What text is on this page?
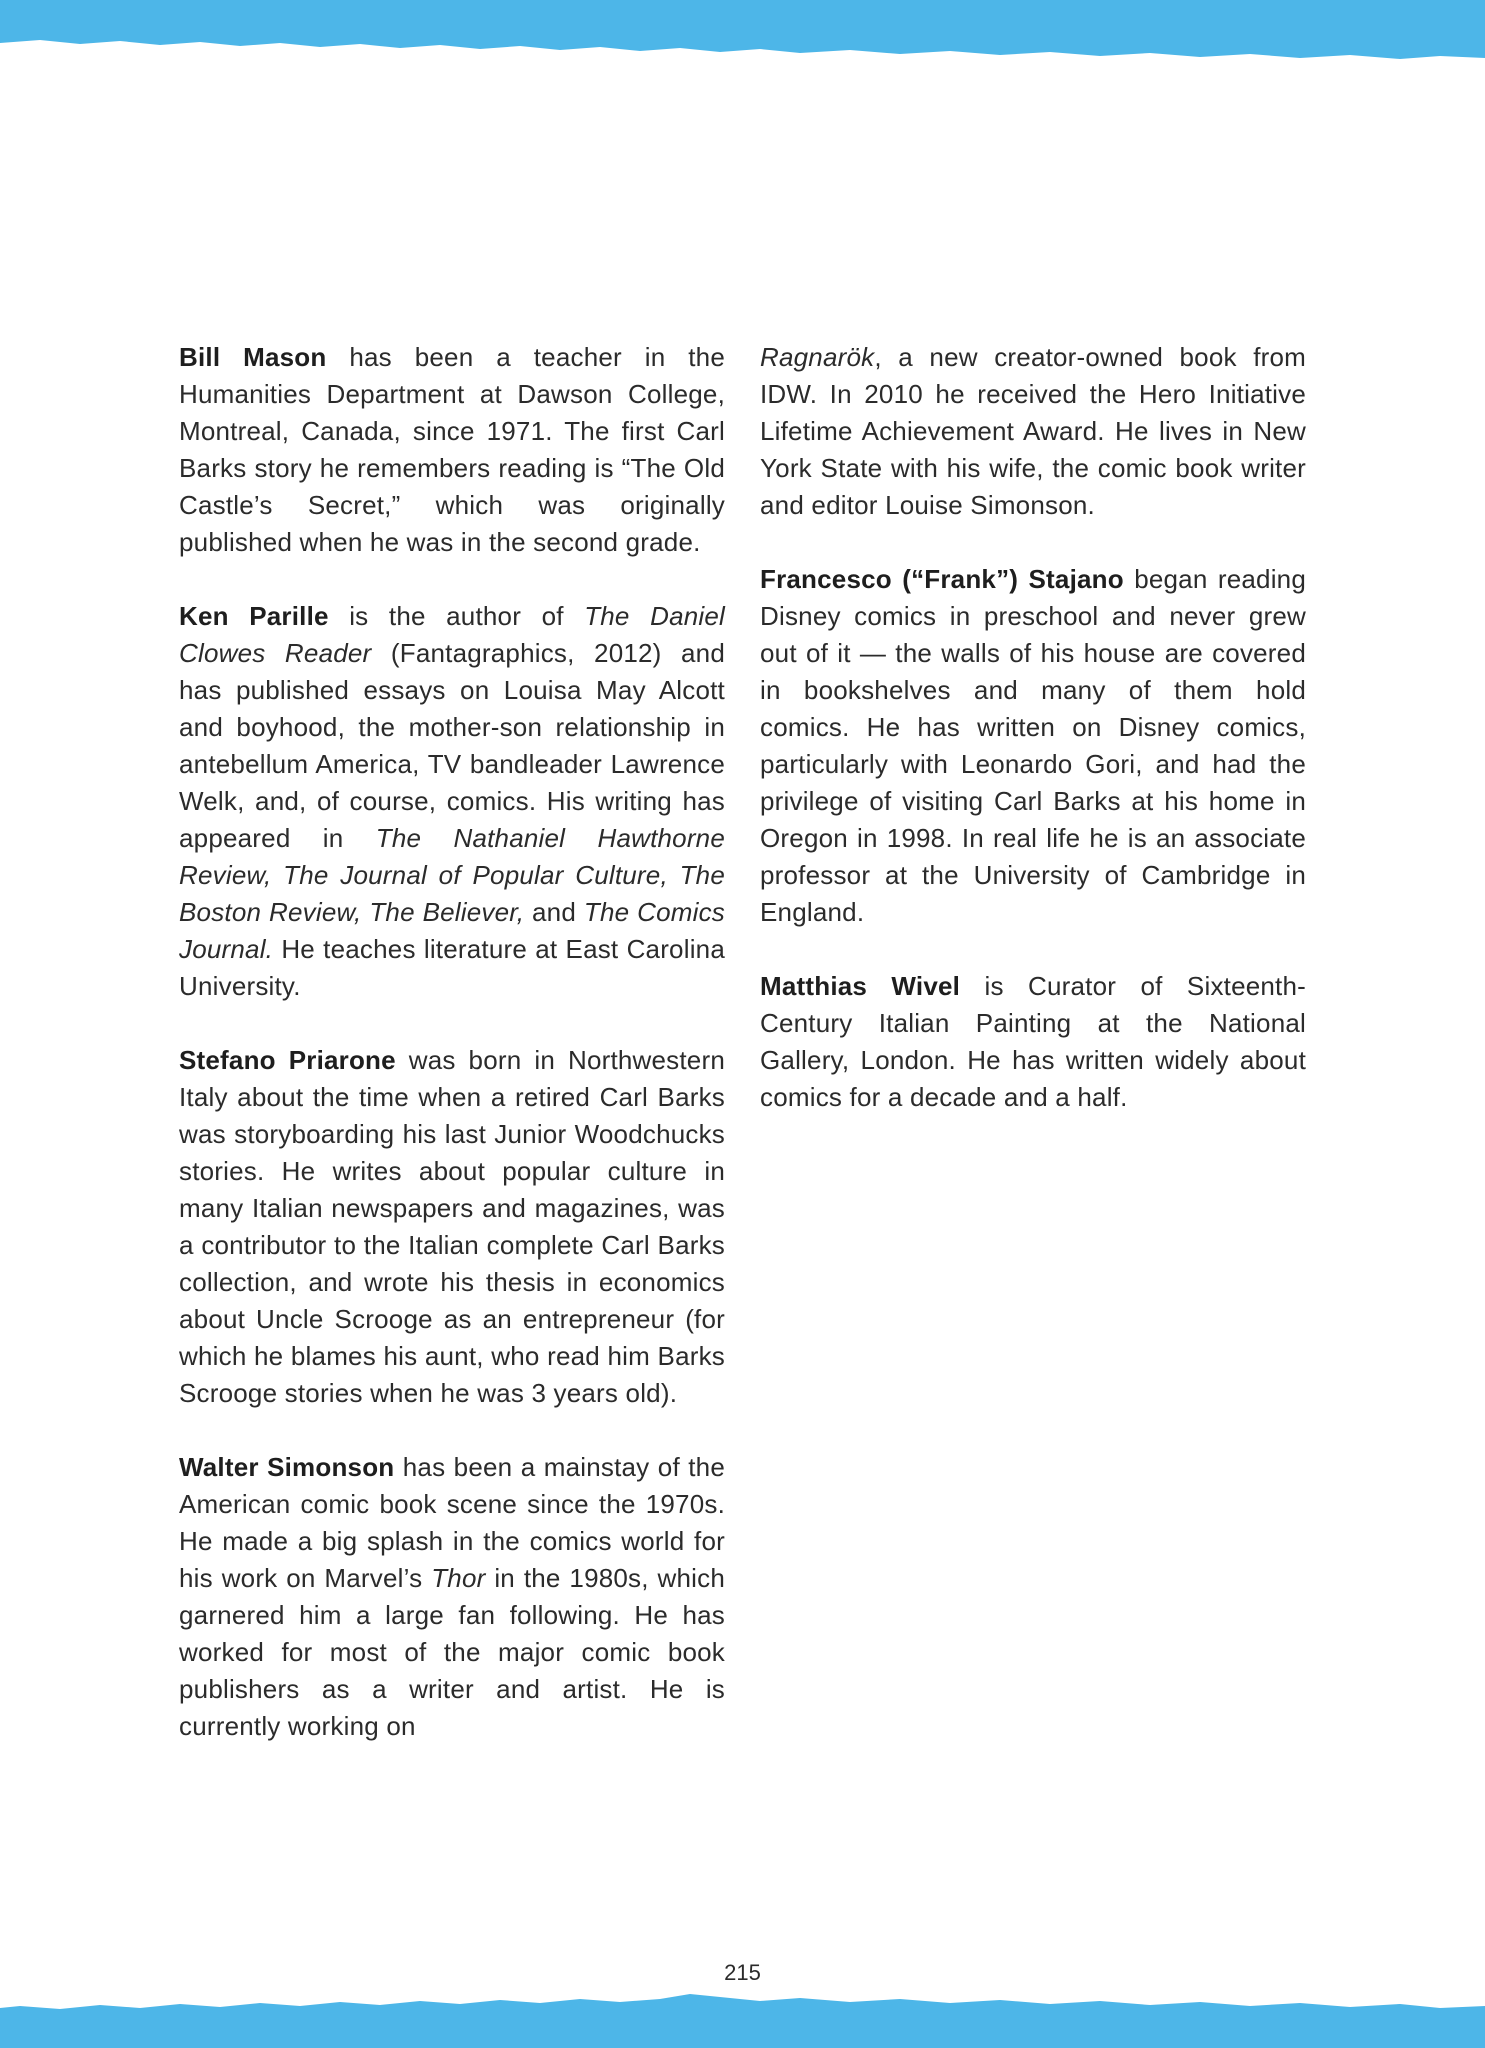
Bill Mason has been a teacher in the Humanities Department at Dawson College, Montreal, Canada, since 1971. The first Carl Barks story he remembers reading is “The Old Castle’s Secret,” which was originally published when he was in the second grade.

Ken Parille is the author of The Daniel Clowes Reader (Fantagraphics, 2012) and has published essays on Louisa May Alcott and boyhood, the mother-son relationship in antebellum America, TV bandleader Lawrence Welk, and, of course, comics. His writing has appeared in The Nathaniel Hawthorne Review, The Journal of Popular Culture, The Boston Review, The Believer, and The Comics Journal. He teaches literature at East Carolina University.

Stefano Priarone was born in Northwestern Italy about the time when a retired Carl Barks was storyboarding his last Junior Woodchucks stories. He writes about popular culture in many Italian newspapers and magazines, was a contributor to the Italian complete Carl Barks collection, and wrote his thesis in economics about Uncle Scrooge as an entrepreneur (for which he blames his aunt, who read him Barks Scrooge stories when he was 3 years old).

Walter Simonson has been a mainstay of the American comic book scene since the 1970s. He made a big splash in the comics world for his work on Marvel’s Thor in the 1980s, which garnered him a large fan following. He has worked for most of the major comic book publishers as a writer and artist. He is currently working on

Ragnarök, a new creator-owned book from IDW. In 2010 he received the Hero Initiative Lifetime Achievement Award. He lives in New York State with his wife, the comic book writer and editor Louise Simonson.

Francesco (“Frank”) Stajano began reading Disney comics in preschool and never grew out of it — the walls of his house are covered in bookshelves and many of them hold comics. He has written on Disney comics, particularly with Leonardo Gori, and had the privilege of visiting Carl Barks at his home in Oregon in 1998. In real life he is an associate professor at the University of Cambridge in England.

Matthias Wivel is Curator of Sixteenth-Century Italian Painting at the National Gallery, London. He has written widely about comics for a decade and a half.

215
